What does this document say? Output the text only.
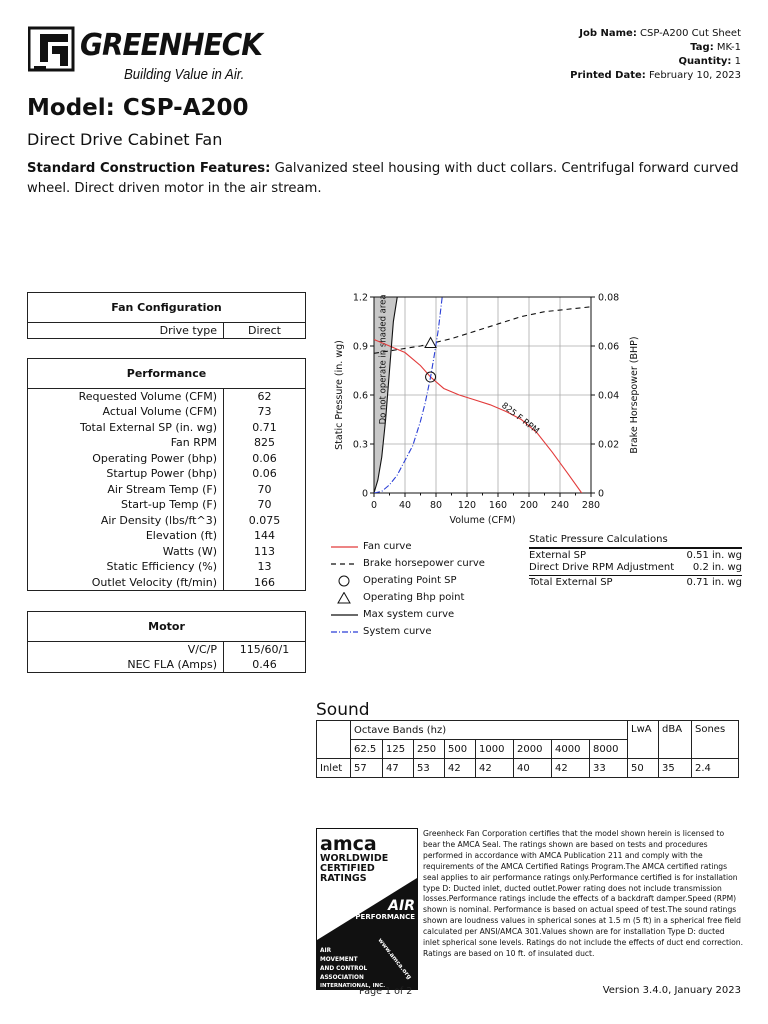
GREENHECK
Building Value in Air.
Job Name: CSP-A200 Cut Sheet
Tag: MK-1
Quantity: 1
Printed Date: February 10, 2023
Model: CSP-A200
Direct Drive Cabinet Fan
Standard Construction Features: Galvanized steel housing with duct collars. Centrifugal forward curved wheel. Direct driven motor in the air stream.
Fan Configuration
Drive type	Direct
Performance	
Requested Volume (CFM)	62
Actual Volume (CFM)	73
Total External SP (in. wg)	0.71
Fan RPM	825
Operating Power (bhp)	0.06
Startup Power (bhp)	0.06
Air Stream Temp (F)	70
Start-up Temp (F)	70
Air Density (lbs/ft^3)	0.075
Elevation (ft)	144
Watts (W)	113
Static Efficiency (%)	13
Outlet Velocity (ft/min)	166
Motor	
V/C/P	115/60/1
NEC FLA (Amps)	0.46
Do not operate in shaded area
0 40 80 120 160 200 240 280
0
0.3
0.6
0.9
1.2
0
0.02
0.04
0.06
0.08
Volume (CFM)
Static Pressure (in. wg)	Brake Horsepower (BHP)
825 F RPM
Fan curve
Brake horsepower curve
Operating Point SP
Operating Bhp point
Max system curve
System curve
Static Pressure Calculations
External SP	0.51 in. wg
Direct Drive RPM Adjustment 0.2 in. wg
Total External SP	0.71 in. wg
Sound
	Octave Bands (hz)								LwA	dBA	Sones
	62.5	125	250	500	1000	2000	4000	8000			
Inlet	57	47	53	42	42	40	42	33	50	35	2.4
amca
WORLDWIDE
CERTIFIED
RATINGS
AIR
PERFORMANCE
AIR
MOVEMENT
AND CONTROL
ASSOCIATION
INTERNATIONAL, INC.
www.amca.org
Greenheck Fan Corporation certifies that the model shown herein is licensed to bear the AMCA Seal. The ratings shown are based on tests and procedures performed in accordance with AMCA Publication 211 and comply with the requirements of the AMCA Certified Ratings Program.The AMCA certified ratings seal applies to air performance ratings only.Performance certified is for installation type D: Ducted inlet, ducted outlet.Power rating does not include transmission losses.Performance ratings include the effects of a backdraft damper.Speed (RPM) shown is nominal. Performance is based on actual speed of test.The sound ratings shown are loudness values in spherical sones at 1.5 m (5 ft) in a spherical free field calculated per ANSI/AMCA 301.Values shown are for installation Type D: ducted inlet spherical sone levels. Ratings do not include the effects of duct end correction. Ratings are based on 10 ft. of insulated duct.
Page 1 of 2	Version 3.4.0, January 2023
